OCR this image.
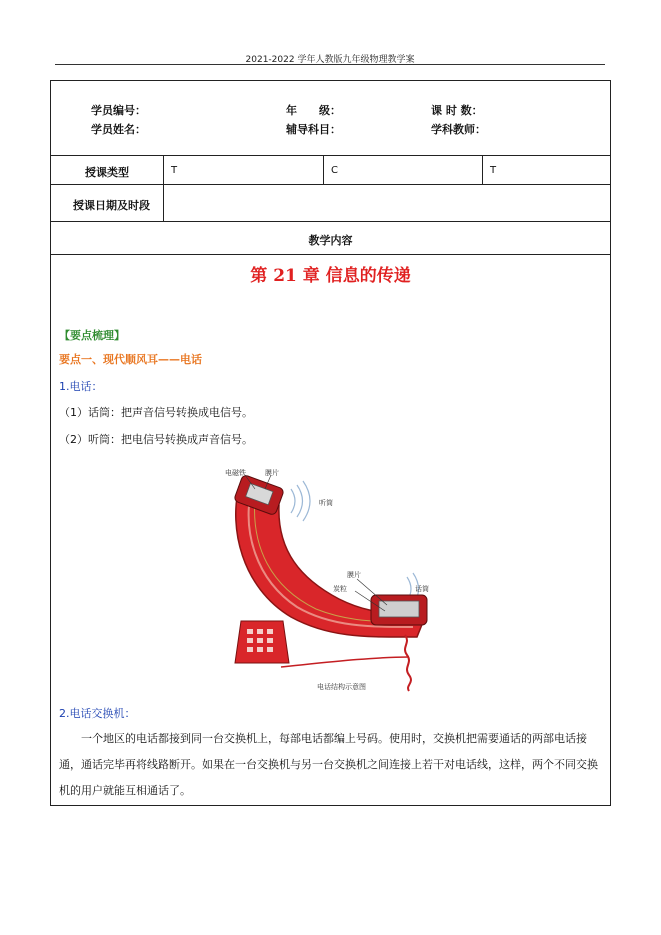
2021-2022 学年人教版九年级物理教学案
学员编号：	年　　级：	课 时 数：
学员姓名：	辅导科目：	学科教师：
授课类型	T	C	T
授课日期及时段
教学内容
第 21 章 信息的传递
【要点梳理】
要点一、现代顺风耳——电话
1.电话：
（1）话筒：把声音信号转换成电信号。
（2）听筒：把电信号转换成声音信号。
电磁铁	膜片
听筒
膜片
炭粒	话筒
电话结构示意图
2.电话交换机：
一个地区的电话都接到同一台交换机上，每部电话都编上号码。使用时，交换机把需要通话的两部电话接通，通话完毕再将线路断开。如果在一台交换机与另一台交换机之间连接上若干对电话线，这样，两个不同交换机的用户就能互相通话了。
